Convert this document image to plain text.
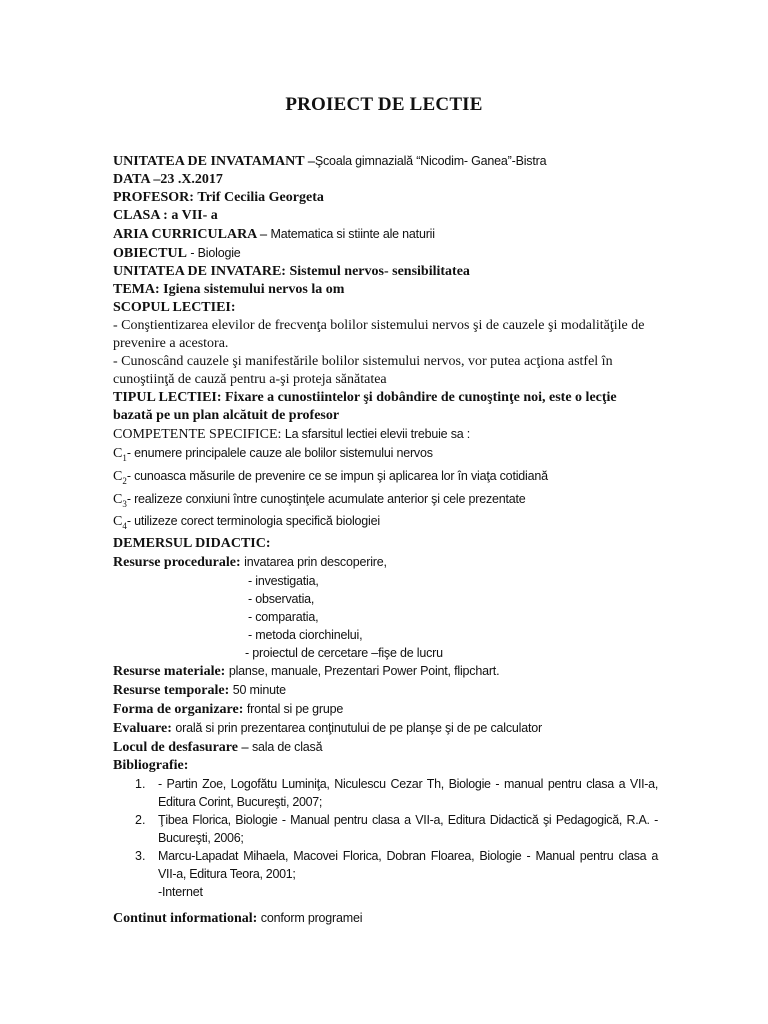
PROIECT DE LECTIE
UNITATEA DE INVATAMANT –Şcoala gimnazială “Nicodim- Ganea”-Bistra
DATA –23 .X.2017
PROFESOR: Trif Cecilia Georgeta
CLASA : a VII- a
ARIA CURRICULARA – Matematica si stiinte ale naturii
OBIECTUL - Biologie
UNITATEA DE INVATARE: Sistemul nervos- sensibilitatea
TEMA: Igiena sistemului nervos la om
SCOPUL LECTIEI:
- Conştientizarea elevilor de frecvenţa bolilor sistemului nervos şi de cauzele şi modalităţile de prevenire a acestora.
- Cunoscând cauzele şi manifestările bolilor sistemului nervos, vor putea acţiona astfel în cunoştiinţă de cauză pentru a-şi proteja sănătatea
TIPUL LECTIEI: Fixare a cunostiintelor şi dobândire de cunoştinţe noi, este o lecţie bazată pe un plan alcătuit de profesor
COMPETENTE SPECIFICE: La sfarsitul lectiei elevii trebuie sa :
$C_1-$ enumere principalele cauze ale bolilor sistemului nervos
$C_2-$ cunoasca măsurile de prevenire ce se impun şi aplicarea lor în viaţa cotidiană
$C_3-$ realizeze conxiuni între cunoştinţele acumulate anterior şi cele prezentate
$C_4-$ utilizeze corect terminologia specifică biologiei
DEMERSUL DIDACTIC:
Resurse procedurale: invatarea prin descoperire,
- investigatia,
- observatia,
- comparatia,
- metoda ciorchinelui,
- proiectul de cercetare –fişe de lucru
Resurse materiale: planse, manuale, Prezentari Power Point, flipchart.
Resurse temporale: 50 minute
Forma de organizare: frontal si pe grupe
Evaluare: orală si prin prezentarea conţinutului de pe planşe şi de pe calculator
Locul de desfasurare – sala de clasă
Bibliografie:
1. - Partin Zoe, Logofătu Luminiţa, Niculescu Cezar Th, Biologie - manual pentru clasa a VII-a, Editura Corint, Bucureşti, 2007;
2. Ţibea Florica, Biologie - Manual pentru clasa a VII-a, Editura Didactică şi Pedagogică, R.A. - Bucureşti, 2006;
3. Marcu-Lapadat Mihaela, Macovei Florica, Dobran Floarea, Biologie - Manual pentru clasa a VII-a, Editura Teora, 2001;
-Internet
Continut informational: conform programei
